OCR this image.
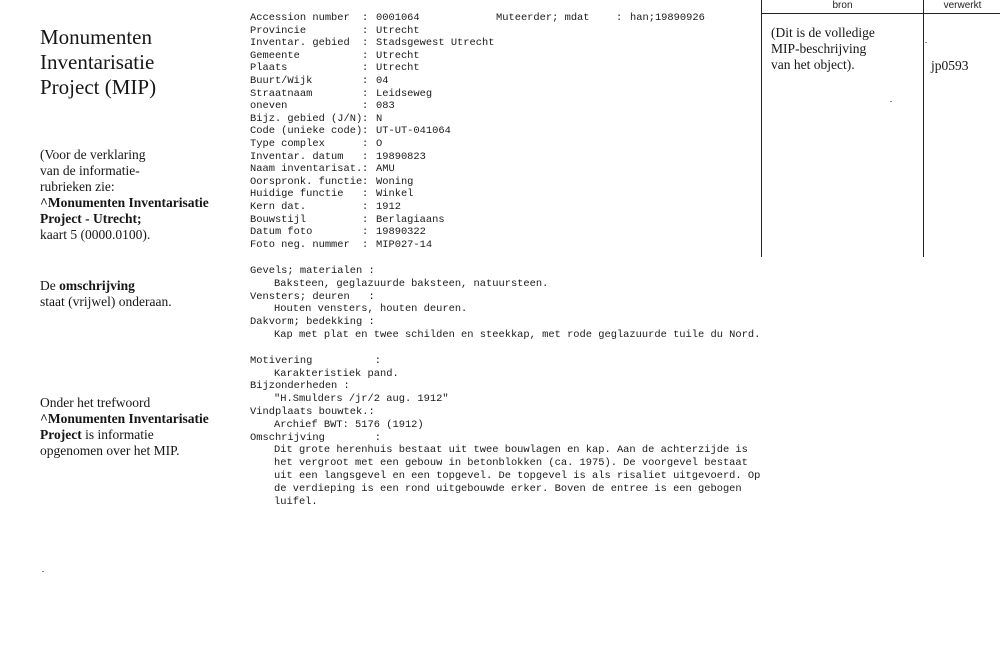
Monumenten
Inventarisatie
Project (MIP)
(Voor de verklaring
van de informatie-
rubrieken zie:
^Monumenten Inventarisatie
Project - Utrecht;
kaart 5 (0000.0100).
De omschrijving
staat (vrijwel) onderaan.
Onder het trefwoord
^Monumenten Inventarisatie
Project is informatie
opgenomen over het MIP.
Accession number	: 0001064	Muteerder; mdat	: han;19890926
Provincie	: Utrecht
Inventar. gebied	: Stadsgewest Utrecht
Gemeente	: Utrecht
Plaats	: Utrecht
Buurt/Wijk	: 04
Straatnaam	: Leidseweg
oneven	: 083
Bijz. gebied (J/N) : N
Code (unieke code) : UT-UT-041064
Type complex	: O
Inventar. datum	: 19890823
Naam inventarisat. : AMU
Oorspronk. functie : Woning
Huidige functie	: Winkel
Kern dat.	: 1912
Bouwstijl	: Berlagiaans
Datum foto	: 19890322
Foto neg. nummer	: MIP027-14
Gevels; materialen :
Baksteen, geglazuurde baksteen, natuursteen.
Vensters; deuren   :
Houten vensters, houten deuren.
Dakvorm; bedekking :
Kap met plat en twee schilden en steekkap, met rode geglazuurde tuile du Nord.
Motivering          :
Karakteristiek pand.
Bijzonderheden :
"H.Smulders /jr/2 aug. 1912"
Vindplaats bouwtek.:
Archief BWT: 5176 (1912)
Omschrijving        :
Dit grote herenhuis bestaat uit twee bouwlagen en kap. Aan de achterzijde is het vergroot met een gebouw in betonblokken (ca. 1975). De voorgevel bestaat uit een langsgevel en een topgevel. De topgevel is als risaliet uitgevoerd. Op de verdieping is een rond uitgebouwde erker. Boven de entree is een gebogen luifel.
bron	verwerkt
(Dit is de volledige
MIP-beschrijving
van het object).	jp0593
